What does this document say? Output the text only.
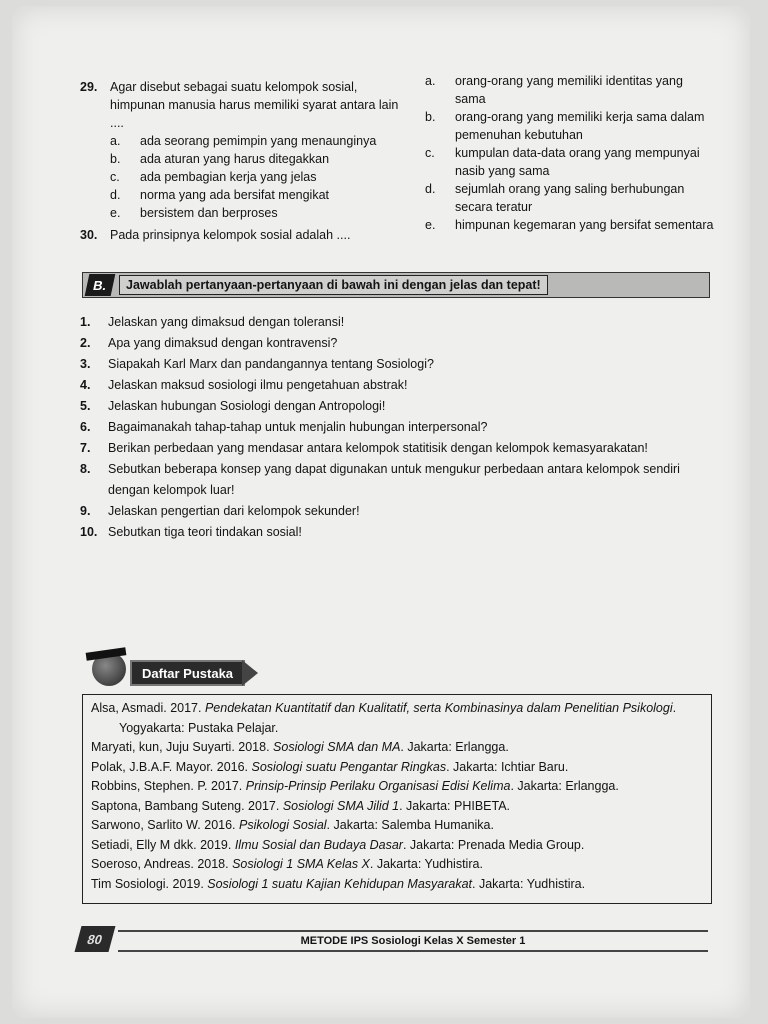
29. Agar disebut sebagai suatu kelompok sosial, himpunan manusia harus memiliki syarat antara lain ....
a. ada seorang pemimpin yang menaunginya
b. ada aturan yang harus ditegakkan
c. ada pembagian kerja yang jelas
d. norma yang ada bersifat mengikat
e. bersistem dan berproses
30. Pada prinsipnya kelompok sosial adalah ....
a. orang-orang yang memiliki identitas yang sama
b. orang-orang yang memiliki kerja sama dalam pemenuhan kebutuhan
c. kumpulan data-data orang yang mempunyai nasib yang sama
d. sejumlah orang yang saling berhubungan secara teratur
e. himpunan kegemaran yang bersifat sementara
B.	Jawablah pertanyaan-pertanyaan di bawah ini dengan jelas dan tepat!
1. Jelaskan yang dimaksud dengan toleransi!
2. Apa yang dimaksud dengan kontravensi?
3. Siapakah Karl Marx dan pandangannya tentang Sosiologi?
4. Jelaskan maksud sosiologi ilmu pengetahuan abstrak!
5. Jelaskan hubungan Sosiologi dengan Antropologi!
6. Bagaimanakah tahap-tahap untuk menjalin hubungan interpersonal?
7. Berikan perbedaan yang mendasar antara kelompok statitisik dengan kelompok kemasyarakatan!
8. Sebutkan beberapa konsep yang dapat digunakan untuk mengukur perbedaan antara kelompok sendiri dengan kelompok luar!
9. Jelaskan pengertian dari kelompok sekunder!
10. Sebutkan tiga teori tindakan sosial!
Daftar Pustaka
Alsa, Asmadi. 2017. Pendekatan Kuantitatif dan Kualitatif, serta Kombinasinya dalam Penelitian Psikologi. Yogyakarta: Pustaka Pelajar.
Maryati, kun, Juju Suyarti. 2018. Sosiologi SMA dan MA. Jakarta: Erlangga.
Polak, J.B.A.F. Mayor. 2016. Sosiologi suatu Pengantar Ringkas. Jakarta: Ichtiar Baru.
Robbins, Stephen. P. 2017. Prinsip-Prinsip Perilaku Organisasi Edisi Kelima. Jakarta: Erlangga.
Saptona, Bambang Suteng. 2017. Sosiologi SMA Jilid 1. Jakarta: PHIBETA.
Sarwono, Sarlito W. 2016. Psikologi Sosial. Jakarta: Salemba Humanika.
Setiadi, Elly M dkk. 2019. Ilmu Sosial dan Budaya Dasar. Jakarta: Prenada Media Group.
Soeroso, Andreas. 2018. Sosiologi 1 SMA Kelas X. Jakarta: Yudhistira.
Tim Sosiologi. 2019. Sosiologi 1 suatu Kajian Kehidupan Masyarakat. Jakarta: Yudhistira.
80	METODE IPS Sosiologi Kelas X Semester 1
